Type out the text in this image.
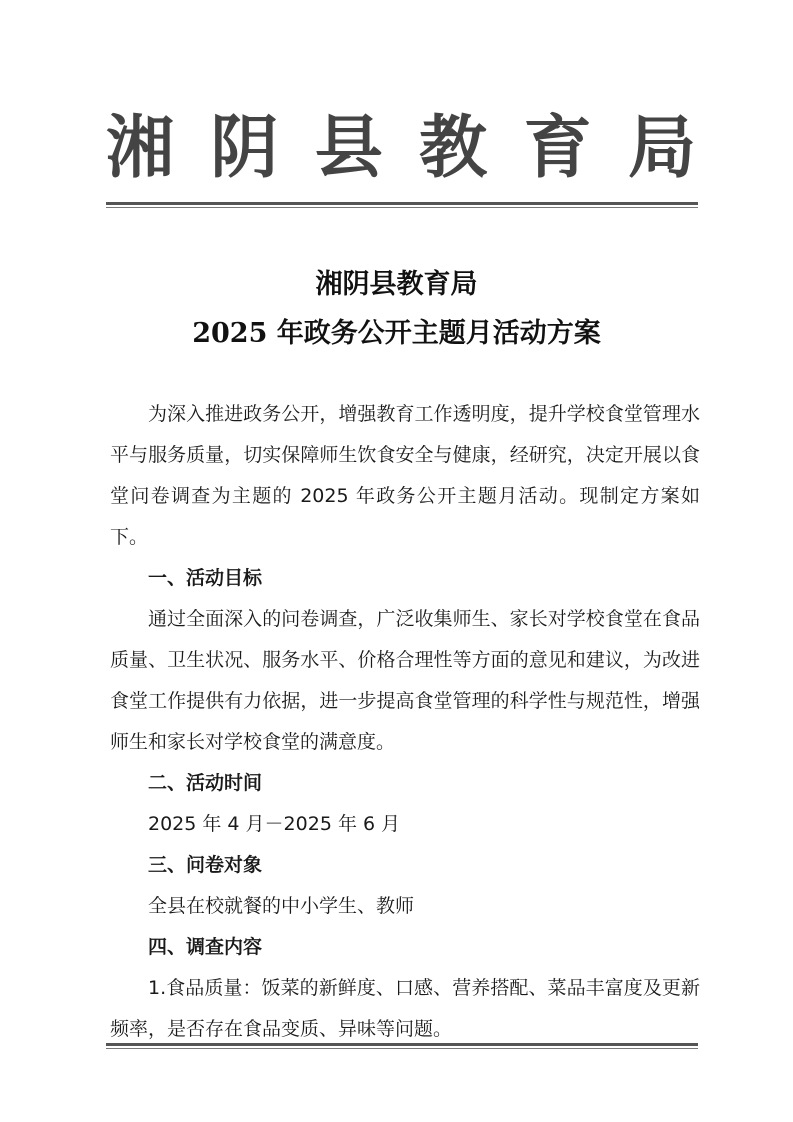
湘 阴 县 教 育 局
湘阴县教育局
2025 年政务公开主题月活动方案

为深入推进政务公开，增强教育工作透明度，提升学校食堂管理水平与服务质量，切实保障师生饮食安全与健康，经研究，决定开展以食堂问卷调查为主题的 2025 年政务公开主题月活动。现制定方案如下。

一、活动目标

通过全面深入的问卷调查，广泛收集师生、家长对学校食堂在食品质量、卫生状况、服务水平、价格合理性等方面的意见和建议，为改进食堂工作提供有力依据，进一步提高食堂管理的科学性与规范性，增强师生和家长对学校食堂的满意度。

二、活动时间

2025 年 4 月－2025 年 6 月

三、问卷对象

全县在校就餐的中小学生、教师

四、调查内容

1.食品质量：饭菜的新鲜度、口感、营养搭配、菜品丰富度及更新频率，是否存在食品变质、异味等问题。
